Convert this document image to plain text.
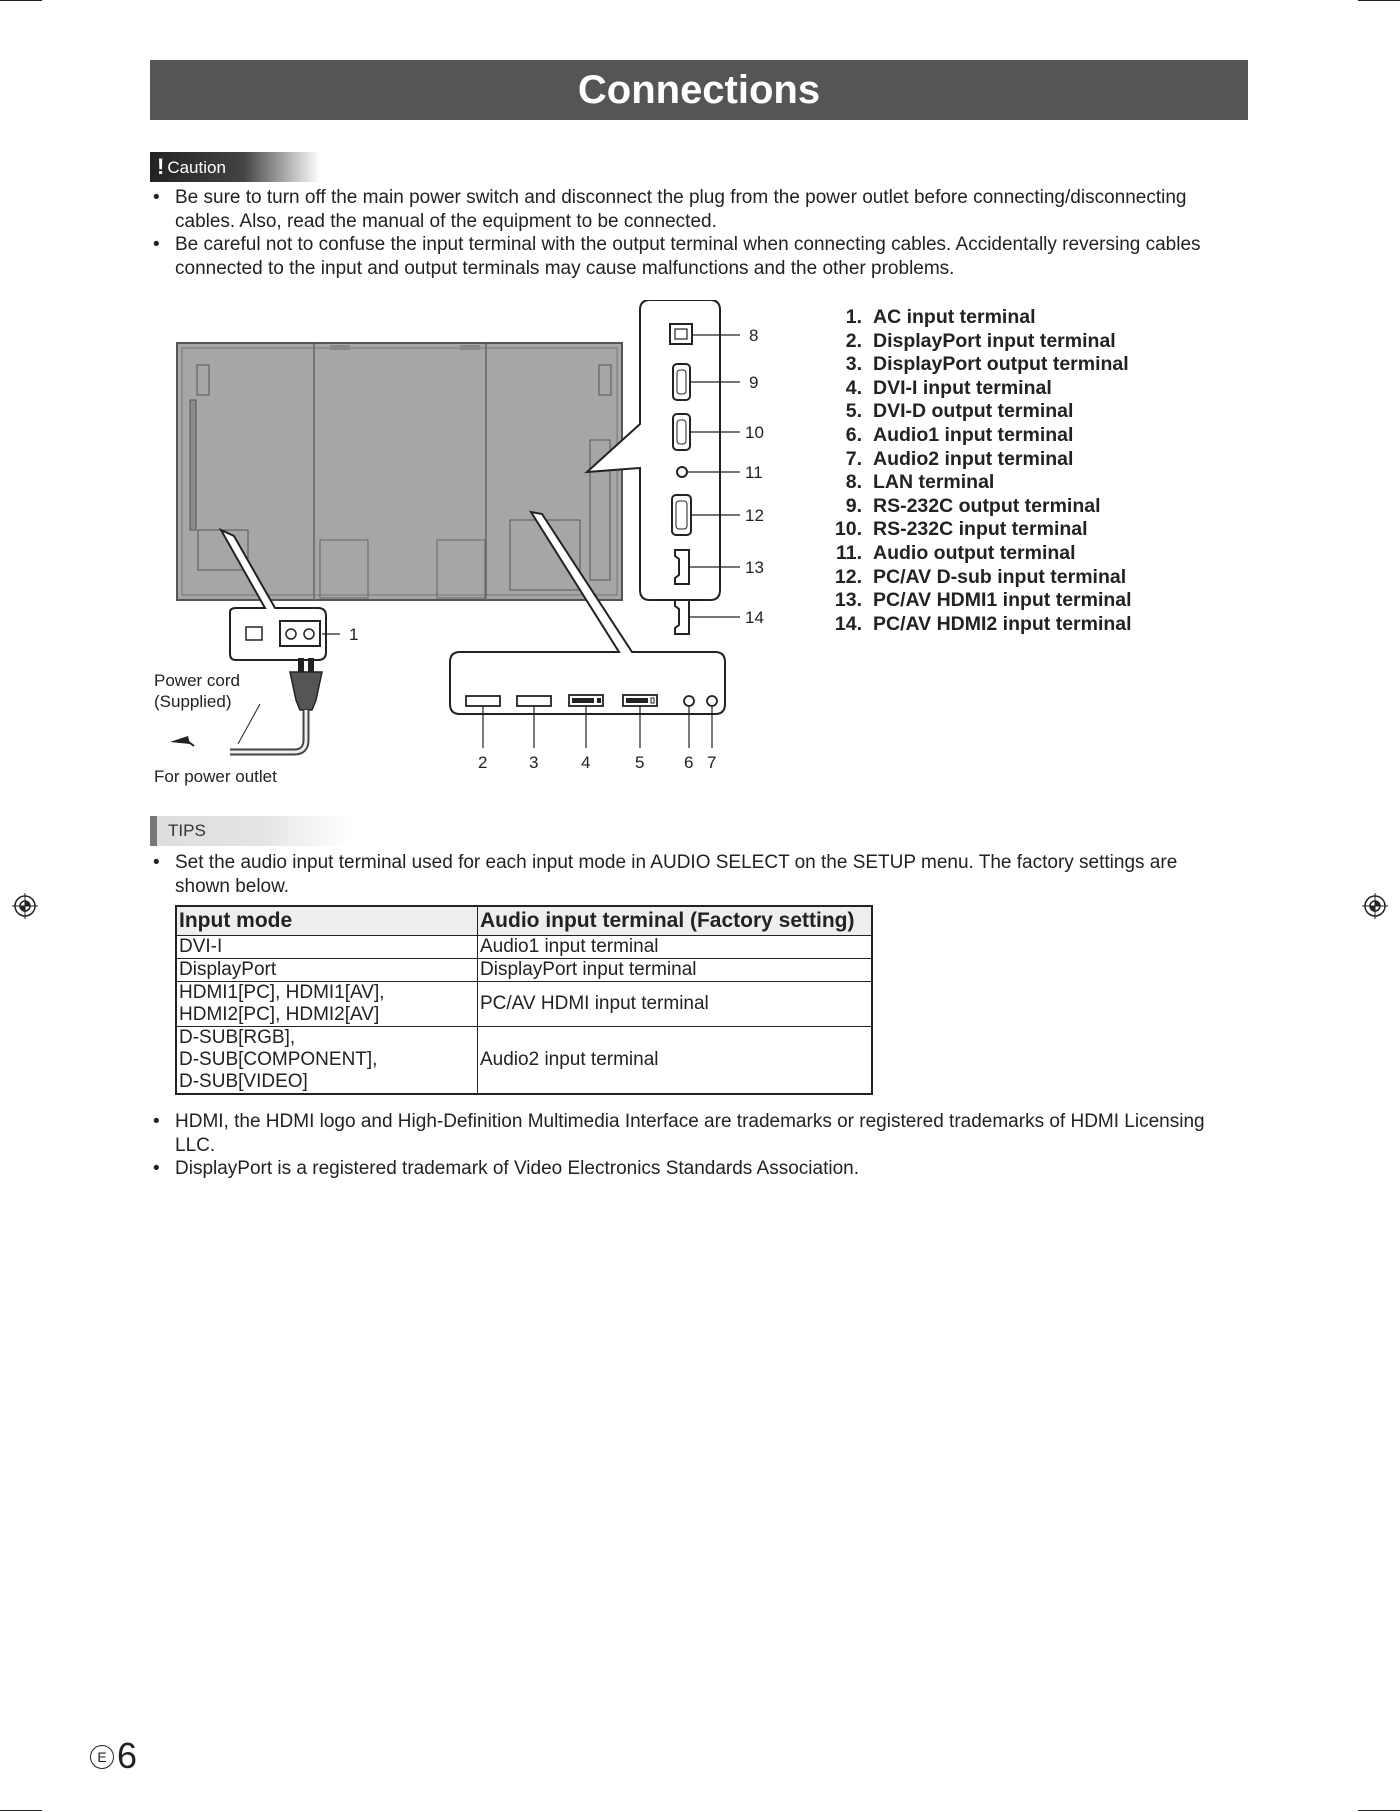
Connections
! Caution
• Be sure to turn off the main power switch and disconnect the plug from the power outlet before connecting/disconnecting cables. Also, read the manual of the equipment to be connected.
• Be careful not to confuse the input terminal with the output terminal when connecting cables. Accidentally reversing cables connected to the input and output terminals may cause malfunctions and the other problems.
1
2 3	4	5 6 7
8
9
10
11
12
13
14
Power cord
(Supplied)
For power outlet
1. AC input terminal
2. DisplayPort input terminal
3. DisplayPort output terminal
4. DVI-I input terminal
5. DVI-D output terminal
6. Audio1 input terminal
7. Audio2 input terminal
8. LAN terminal
9. RS-232C output terminal
10. RS-232C input terminal
11. Audio output terminal
12. PC/AV D-sub input terminal
13. PC/AV HDMI1 input terminal
14. PC/AV HDMI2 input terminal
TIPS
• Set the audio input terminal used for each input mode in AUDIO SELECT on the SETUP menu. The factory settings are shown below.
Input mode	Audio input terminal (Factory setting)
DVI-I	Audio1 input terminal
DisplayPort	DisplayPort input terminal
HDMI1[PC], HDMI1[AV],
HDMI2[PC], HDMI2[AV]	PC/AV HDMI input terminal
D-SUB[RGB],
D-SUB[COMPONENT],
D-SUB[VIDEO]	Audio2 input terminal
• HDMI, the HDMI logo and High-Definition Multimedia Interface are trademarks or registered trademarks of HDMI Licensing LLC.
• DisplayPort is a registered trademark of Video Electronics Standards Association.
E 6
